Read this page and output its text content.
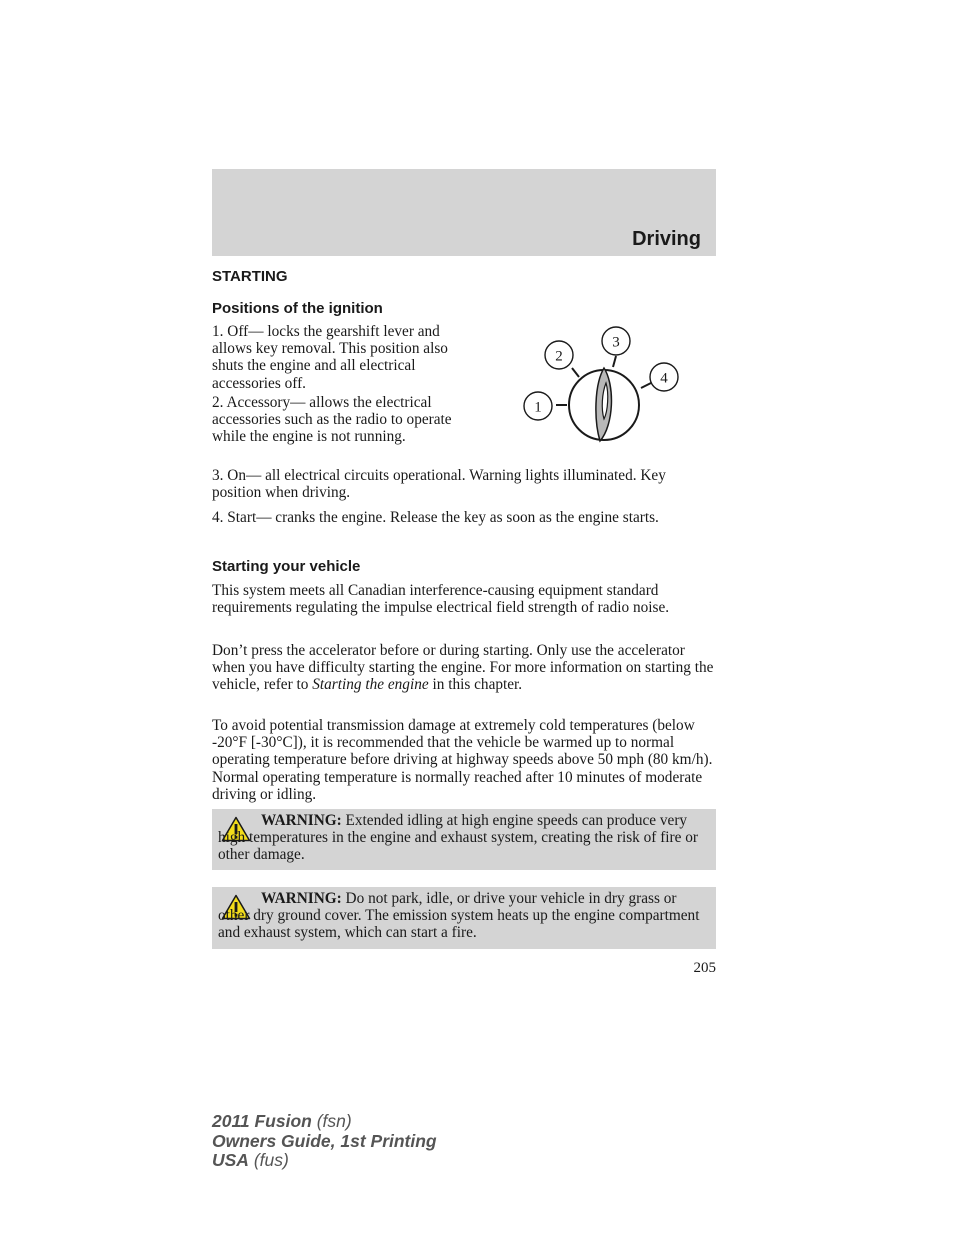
Driving
STARTING
Positions of the ignition

1. Off— locks the gearshift lever and allows key removal. This position also shuts the engine and all electrical accessories off.

2. Accessory— allows the electrical accessories such as the radio to operate while the engine is not running.

1
2
3
4

3. On— all electrical circuits operational. Warning lights illuminated. Key position when driving.

4. Start— cranks the engine. Release the key as soon as the engine starts.

Starting your vehicle

This system meets all Canadian interference-causing equipment standard requirements regulating the impulse electrical field strength of radio noise.

Don’t press the accelerator before or during starting. Only use the accelerator when you have difficulty starting the engine. For more information on starting the vehicle, refer to Starting the engine in this chapter.

To avoid potential transmission damage at extremely cold temperatures (below -20°F [-30°C]), it is recommended that the vehicle be warmed up to normal operating temperature before driving at highway speeds above 50 mph (80 km/h). Normal operating temperature is normally reached after 10 minutes of moderate driving or idling.

WARNING: Extended idling at high engine speeds can produce very high temperatures in the engine and exhaust system, creating the risk of fire or other damage.

WARNING: Do not park, idle, or drive your vehicle in dry grass or other dry ground cover. The emission system heats up the engine compartment and exhaust system, which can start a fire.

205
2011 Fusion (fsn)
Owners Guide, 1st Printing
USA (fus)
